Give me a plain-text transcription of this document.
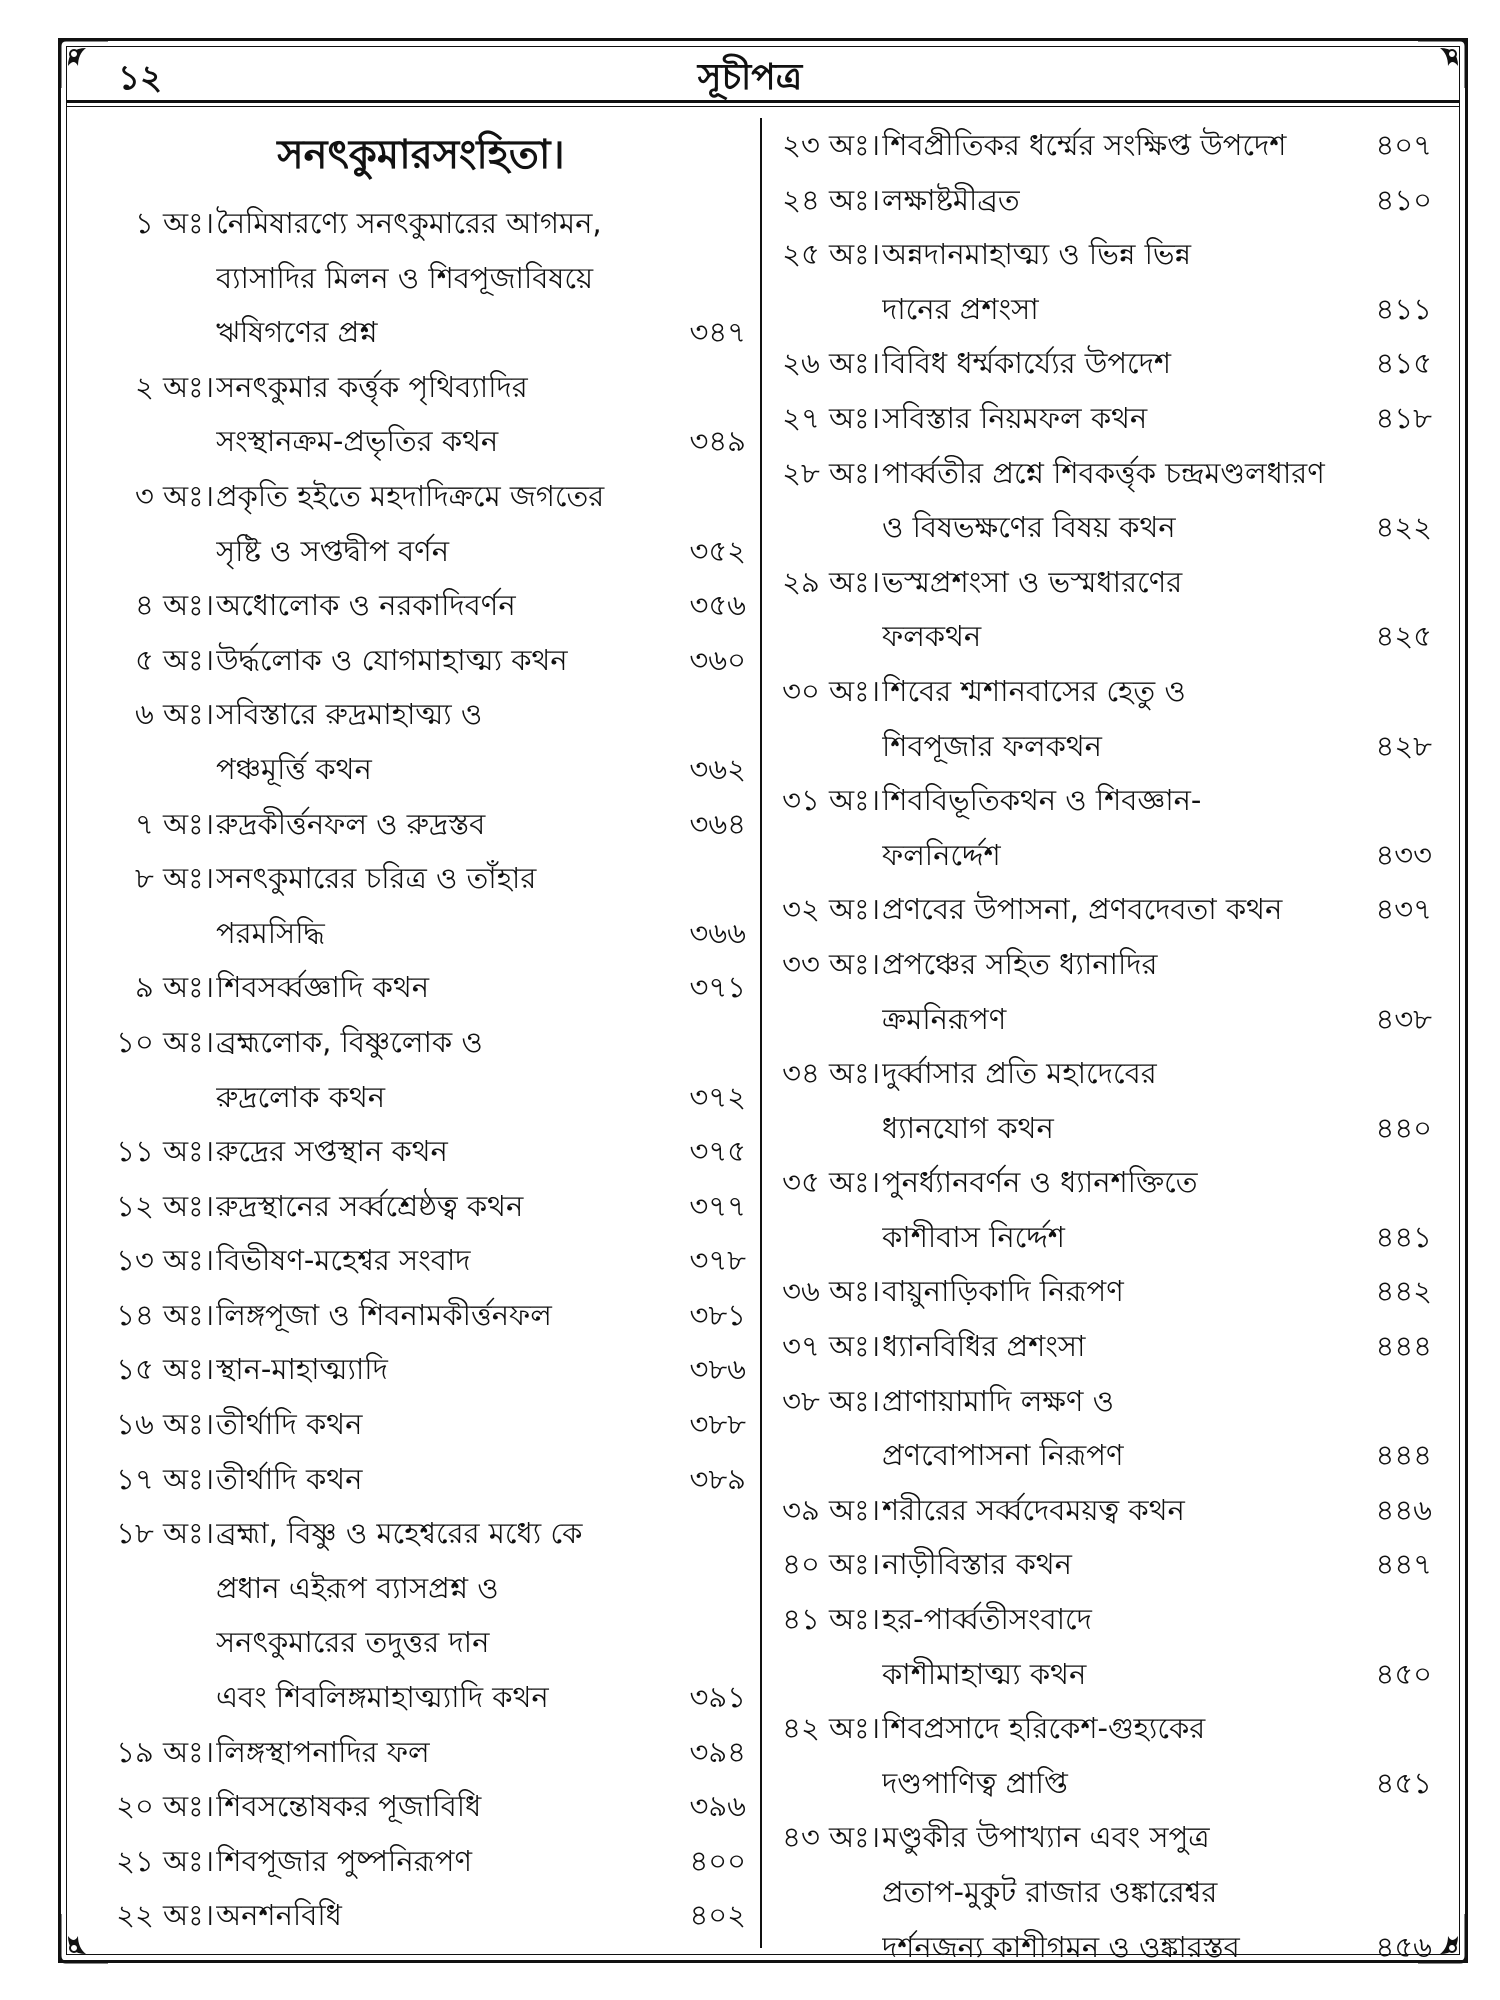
১২	সূচীপত্র
সনৎকুমারসংহিতা।
১ অঃ। নৈমিষারণ্যে সনৎকুমারের আগমন,
ব্যাসাদির মিলন ও শিবপূজাবিষয়ে
ঋষিগণের প্রশ্ন	৩৪৭
২ অঃ। সনৎকুমার কর্ত্তৃক পৃথিব্যাদির
সংস্থানক্রম-প্রভৃতির কথন	৩৪৯
৩ অঃ। প্রকৃতি হইতে মহদাদিক্রমে জগতের
সৃষ্টি ও সপ্তদ্বীপ বর্ণন	৩৫২
৪ অঃ। অধোলোক ও নরকাদিবর্ণন	৩৫৬
৫ অঃ। উর্দ্ধলোক ও যোগমাহাত্ম্য কথন	৩৬০
৬ অঃ। সবিস্তারে রুদ্রমাহাত্ম্য ও
পঞ্চমূর্ত্তি কথন	৩৬২
৭ অঃ। রুদ্রকীর্ত্তনফল ও রুদ্রস্তব	৩৬৪
৮ অঃ। সনৎকুমারের চরিত্র ও তাঁহার
পরমসিদ্ধি	৩৬৬
৯ অঃ। শিবসর্ব্বজ্ঞাদি কথন	৩৭১
১০ অঃ। ব্রহ্মলোক, বিষ্ণুলোক ও
রুদ্রলোক কথন	৩৭২
১১ অঃ। রুদ্রের সপ্তস্থান কথন	৩৭৫
১২ অঃ। রুদ্রস্থানের সর্ব্বশ্রেষ্ঠত্ব কথন	৩৭৭
১৩ অঃ। বিভীষণ-মহেশ্বর সংবাদ	৩৭৮
১৪ অঃ। লিঙ্গপূজা ও শিবনামকীর্ত্তনফল	৩৮১
১৫ অঃ। স্থান-মাহাত্ম্যাদি	৩৮৬
১৬ অঃ। তীর্থাদি কথন	৩৮৮
১৭ অঃ। তীর্থাদি কথন	৩৮৯
১৮ অঃ। ব্রহ্মা, বিষ্ণু ও মহেশ্বরের মধ্যে কে
প্রধান এইরূপ ব্যাসপ্রশ্ন ও
সনৎকুমারের তদুত্তর দান
এবং শিবলিঙ্গমাহাত্ম্যাদি কথন	৩৯১
১৯ অঃ। লিঙ্গস্থাপনাদির ফল	৩৯৪
২০ অঃ। শিবসন্তোষকর পূজাবিধি	৩৯৬
২১ অঃ। শিবপূজার পুষ্পনিরূপণ	৪০০
২২ অঃ। অনশনবিধি	৪০২
২৩ অঃ। শিবপ্রীতিকর ধর্ম্মের সংক্ষিপ্ত উপদেশ	৪০৭
২৪ অঃ। লক্ষাষ্টমীব্রত	৪১০
২৫ অঃ। অন্নদানমাহাত্ম্য ও ভিন্ন ভিন্ন
দানের প্রশংসা	৪১১
২৬ অঃ। বিবিধ ধর্ম্মকার্য্যের উপদেশ	৪১৫
২৭ অঃ। সবিস্তার নিয়মফল কথন	৪১৮
২৮ অঃ। পার্ব্বতীর প্রশ্নে শিবকর্ত্তৃক চন্দ্রমণ্ডলধারণ
ও বিষভক্ষণের বিষয় কথন	৪২২
২৯ অঃ। ভস্মপ্রশংসা ও ভস্মধারণের
ফলকথন	৪২৫
৩০ অঃ। শিবের শ্মশানবাসের হেতু ও
শিবপূজার ফলকথন	৪২৮
৩১ অঃ। শিববিভূতিকথন ও শিবজ্ঞান-
ফলনির্দ্দেশ	৪৩৩
৩২ অঃ। প্রণবের উপাসনা, প্রণবদেবতা কথন	৪৩৭
৩৩ অঃ। প্রপঞ্চের সহিত ধ্যানাদির
ক্রমনিরূপণ	৪৩৮
৩৪ অঃ। দুর্ব্বাসার প্রতি মহাদেবের
ধ্যানযোগ কথন	৪৪০
৩৫ অঃ। পুনর্ধ্যানবর্ণন ও ধ্যানশক্তিতে
কাশীবাস নির্দ্দেশ	৪৪১
৩৬ অঃ। বায়ুনাড়িকাদি নিরূপণ	৪৪২
৩৭ অঃ। ধ্যানবিধির প্রশংসা	৪৪৪
৩৮ অঃ। প্রাণায়ামাদি লক্ষণ ও
প্রণবোপাসনা নিরূপণ	৪৪৪
৩৯ অঃ। শরীরের সর্ব্বদেবময়ত্ব কথন	৪৪৬
৪০ অঃ। নাড়ীবিস্তার কথন	৪৪৭
৪১ অঃ। হর-পার্ব্বতীসংবাদে
কাশীমাহাত্ম্য কথন	৪৫০
৪২ অঃ। শিবপ্রসাদে হরিকেশ-গুহ্যকের
দণ্ডপাণিত্ব প্রাপ্তি	৪৫১
৪৩ অঃ। মণ্ডুকীর উপাখ্যান এবং সপুত্র
প্রতাপ-মুকুট রাজার ওঙ্কারেশ্বর
দর্শনজন্য কাশীগমন ও ওঙ্কারস্তব	৪৫৬
